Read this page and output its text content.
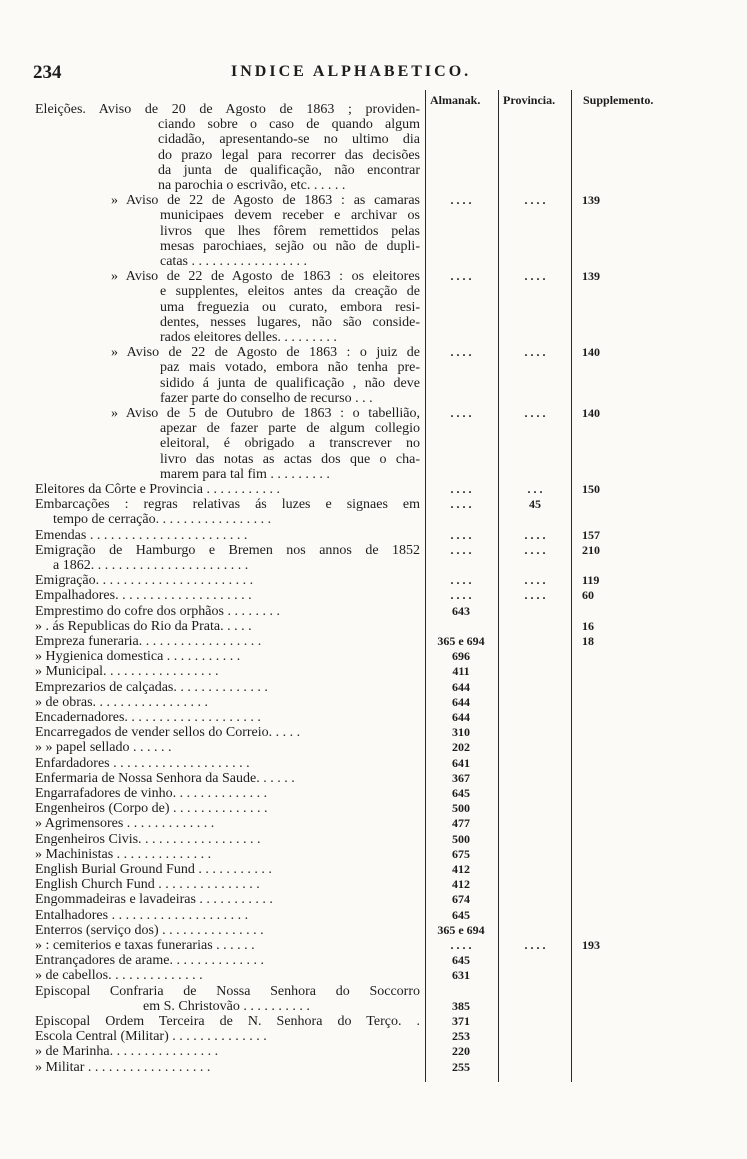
234	INDICE ALPHABETICO.
Almanak. Provincia. Supplemento.
Eleições. Aviso de 20 de Agosto de 1863 ; providen-
ciando sobre o caso de quando algum
cidadão, apresentando-se no ultimo dia
do prazo legal para recorrer das decisões
da junta de qualificação, não encontrar
na parochia o escrivão, etc. . . . . .
» Aviso de 22 de Agosto de 1863 : as camaras
municipaes devem receber e archivar os
livros que lhes fôrem remettidos pelas
mesas parochiaes, sejão ou não de dupli-
catas . . . . . . . . . . . . . . . . .
» Aviso de 22 de Agosto de 1863 : os eleitores
e supplentes, eleitos antes da creação de
uma freguezia ou curato, embora resi-
dentes, nesses lugares, não são conside-
rados eleitores delles. . . . . . . . .
» Aviso de 22 de Agosto de 1863 : o juiz de
paz mais votado, embora não tenha pre-
sidido á junta de qualificação , não deve
fazer parte do conselho de recurso . . .
» Aviso de 5 de Outubro de 1863 : o tabellião,
apezar de fazer parte de algum collegio
eleitoral, é obrigado a transcrever no
livro das notas as actas dos que o cha-
marem para tal fim . . . . . . . . .
Eleitores da Côrte e Provincia . . . . . . . . . . .
Embarcações : regras relativas ás luzes e signaes em
tempo de cerração. . . . . . . . . . . . . . . . .
Emendas . . . . . . . . . . . . . . . . . . . . . . .
Emigração de Hamburgo e Bremen nos annos de 1852
a 1862. . . . . . . . . . . . . . . . . . . . . . .
Emigração. . . . . . . . . . . . . . . . . . . . . . .
Empalhadores. . . . . . . . . . . . . . . . . . . .
Emprestimo do cofre dos orphãos . . . . . . . .
» . ás Republicas do Rio da Prata. . . . .
Empreza funeraria. . . . . . . . . . . . . . . . . .
» Hygienica domestica . . . . . . . . . . .
» Municipal. . . . . . . . . . . . . . . . .
Emprezarios de calçadas. . . . . . . . . . . . . .
» de obras. . . . . . . . . . . . . . . . .
Encadernadores. . . . . . . . . . . . . . . . . . . .
Encarregados de vender sellos do Correio. . . . .
» » papel sellado . . . . . .
Enfardadores . . . . . . . . . . . . . . . . . . . .
Enfermaria de Nossa Senhora da Saude. . . . . .
Engarrafadores de vinho. . . . . . . . . . . . . .
Engenheiros (Corpo de) . . . . . . . . . . . . . .
» Agrimensores . . . . . . . . . . . . .
Engenheiros Civis. . . . . . . . . . . . . . . . . .
» Machinistas . . . . . . . . . . . . . .
English Burial Ground Fund . . . . . . . . . . .
English Church Fund . . . . . . . . . . . . . . .
Engommadeiras e lavadeiras . . . . . . . . . . .
Entalhadores . . . . . . . . . . . . . . . . . . . .
Enterros (serviço dos) . . . . . . . . . . . . . . .
» : cemiterios e taxas funerarias . . . . . .
Entrançadores de arame. . . . . . . . . . . . . .
» de cabellos. . . . . . . . . . . . . .
Episcopal Confraria de Nossa Senhora do Soccorro
em S. Christovão . . . . . . . . . .
Episcopal Ordem Terceira de N. Senhora do Terço. .
Escola Central (Militar) . . . . . . . . . . . . . .
» de Marinha. . . . . . . . . . . . . . . .
» Militar . . . . . . . . . . . . . . . . . .
. . . .
. . . .
. . . .
. . . .
. . . .
. . . .
. . . .
. . . .
. . . .
. . . .
643
365 e 694
696
411
644
644
644
310
202
641
367
645
500
477
500
675
412
412
674
645
365 e 694
. . . .
645
631
385
371
253
220
255
. . . .
. . . .
. . . .
. . . .
. . .
45
. . . .
. . . .
. . . .
. . . .
. . . .
139
139
140
140
150
157
210
119
60
16
18
193
